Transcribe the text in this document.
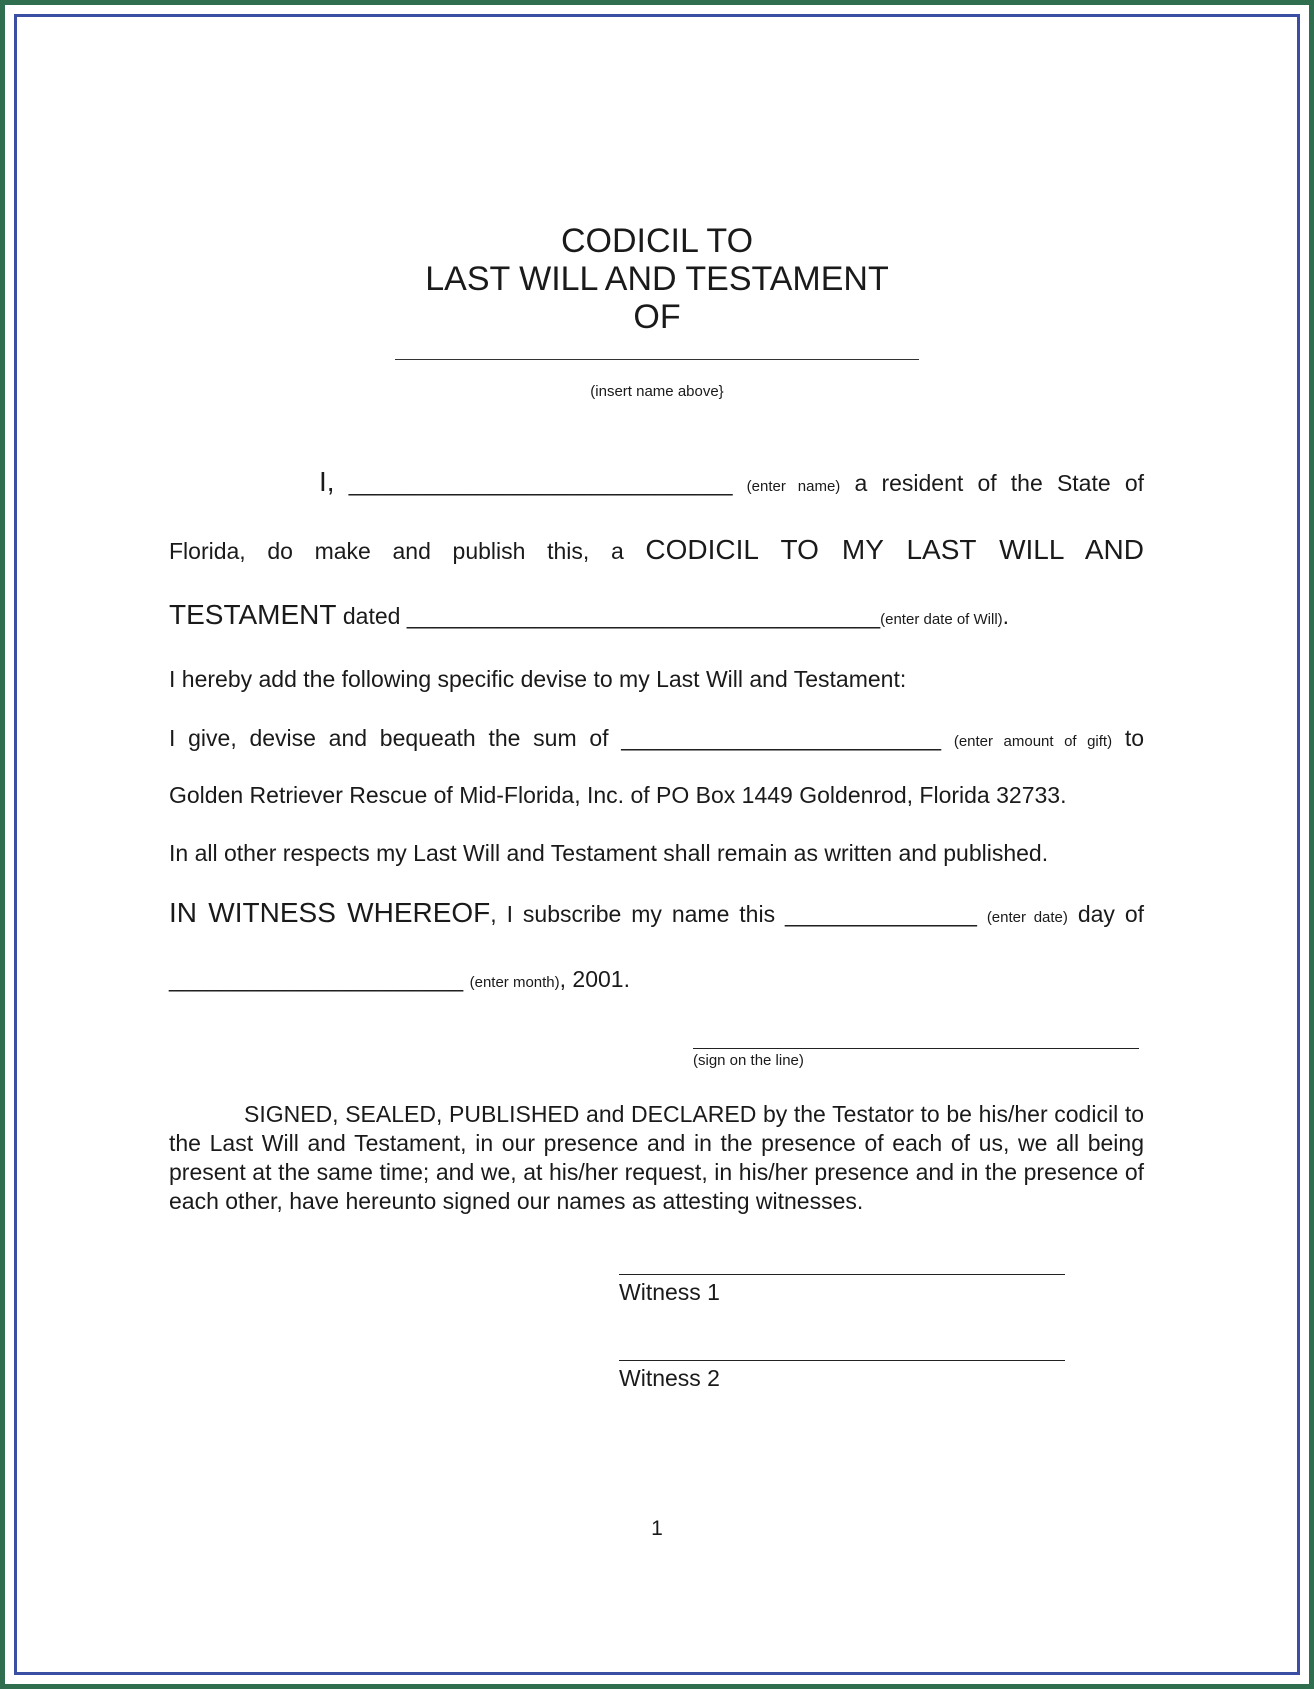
CODICIL TO
LAST WILL AND TESTAMENT
OF
(insert name above}
I, ______________________________ (enter name) a resident of the State of
Florida, do make and publish this, a CODICIL TO MY LAST WILL AND
TESTAMENT dated _____________________________________(enter date of Will).
I hereby add the following specific devise to my Last Will and Testament:
I give, devise and bequeath the sum of _________________________ (enter amount of gift) to
Golden Retriever Rescue of Mid-Florida, Inc. of PO Box 1449 Goldenrod, Florida 32733.
In all other respects my Last Will and Testament shall remain as written and published.
IN WITNESS WHEREOF, I subscribe my name this _______________ (enter date) day of
_______________________ (enter month), 2001.
(sign on the line)
SIGNED, SEALED, PUBLISHED and DECLARED by the Testator to be his/her codicil to the Last Will and Testament, in our presence and in the presence of each of us, we all being present at the same time; and we, at his/her request, in his/her presence and in the presence of each other, have hereunto signed our names as attesting witnesses.
Witness 1
Witness 2
1
